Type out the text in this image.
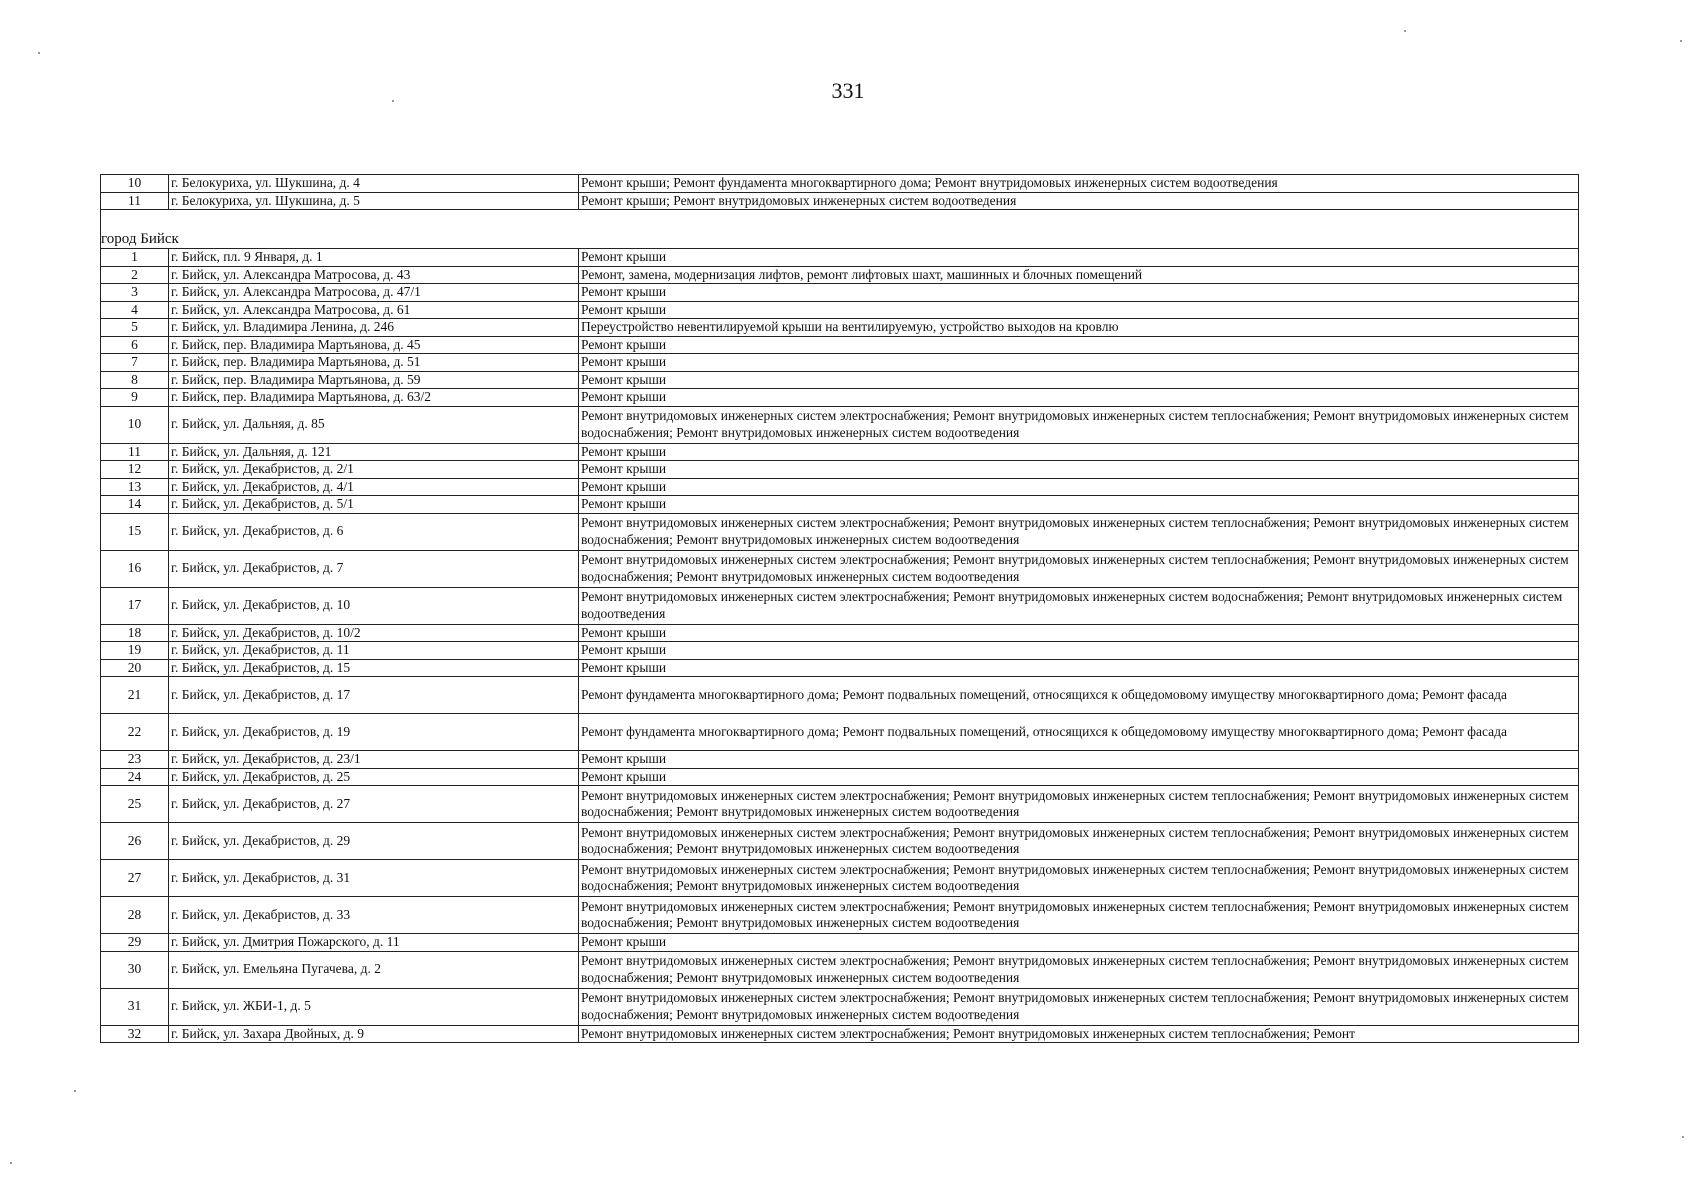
331
10	г. Белокуриха, ул. Шукшина, д. 4	Ремонт крыши; Ремонт фундамента многоквартирного дома; Ремонт внутридомовых инженерных систем водоотведения
11	г. Белокуриха, ул. Шукшина, д. 5	Ремонт крыши; Ремонт внутридомовых инженерных систем водоотведения

город Бийск		
1	г. Бийск, пл. 9 Января, д. 1	Ремонт крыши
2	г. Бийск, ул. Александра Матросова, д. 43	Ремонт, замена, модернизация лифтов, ремонт лифтовых шахт, машинных и блочных помещений
3	г. Бийск, ул. Александра Матросова, д. 47/1	Ремонт крыши
4	г. Бийск, ул. Александра Матросова, д. 61	Ремонт крыши
5	г. Бийск, ул. Владимира Ленина, д. 246	Переустройство невентилируемой крыши на вентилируемую, устройство выходов на кровлю
6	г. Бийск, пер. Владимира Мартьянова, д. 45	Ремонт крыши
7	г. Бийск, пер. Владимира Мартьянова, д. 51	Ремонт крыши
8	г. Бийск, пер. Владимира Мартьянова, д. 59	Ремонт крыши
9	г. Бийск, пер. Владимира Мартьянова, д. 63/2	Ремонт крыши
10	г. Бийск, ул. Дальняя, д. 85	Ремонт внутридомовых инженерных систем электроснабжения; Ремонт внутридомовых инженерных систем теплоснабжения; Ремонт внутридомовых инженерных систем водоснабжения; Ремонт внутридомовых инженерных систем водоотведения
11	г. Бийск, ул. Дальняя, д. 121	Ремонт крыши
12	г. Бийск, ул. Декабристов, д. 2/1	Ремонт крыши
13	г. Бийск, ул. Декабристов, д. 4/1	Ремонт крыши
14	г. Бийск, ул. Декабристов, д. 5/1	Ремонт крыши
15	г. Бийск, ул. Декабристов, д. 6	Ремонт внутридомовых инженерных систем электроснабжения; Ремонт внутридомовых инженерных систем теплоснабжения; Ремонт внутридомовых инженерных систем водоснабжения; Ремонт внутридомовых инженерных систем водоотведения
16	г. Бийск, ул. Декабристов, д. 7	Ремонт внутридомовых инженерных систем электроснабжения; Ремонт внутридомовых инженерных систем теплоснабжения; Ремонт внутридомовых инженерных систем водоснабжения; Ремонт внутридомовых инженерных систем водоотведения
17	г. Бийск, ул. Декабристов, д. 10	Ремонт внутридомовых инженерных систем электроснабжения; Ремонт внутридомовых инженерных систем водоснабжения; Ремонт внутридомовых инженерных систем водоотведения
18	г. Бийск, ул. Декабристов, д. 10/2	Ремонт крыши
19	г. Бийск, ул. Декабристов, д. 11	Ремонт крыши
20	г. Бийск, ул. Декабристов, д. 15	Ремонт крыши
21	г. Бийск, ул. Декабристов, д. 17	Ремонт фундамента многоквартирного дома; Ремонт подвальных помещений, относящихся к общедомовому имуществу многоквартирного дома; Ремонт фасада
22	г. Бийск, ул. Декабристов, д. 19	Ремонт фундамента многоквартирного дома; Ремонт подвальных помещений, относящихся к общедомовому имуществу многоквартирного дома; Ремонт фасада
23	г. Бийск, ул. Декабристов, д. 23/1	Ремонт крыши
24	г. Бийск, ул. Декабристов, д. 25	Ремонт крыши
25	г. Бийск, ул. Декабристов, д. 27	Ремонт внутридомовых инженерных систем электроснабжения; Ремонт внутридомовых инженерных систем теплоснабжения; Ремонт внутридомовых инженерных систем водоснабжения; Ремонт внутридомовых инженерных систем водоотведения
26	г. Бийск, ул. Декабристов, д. 29	Ремонт внутридомовых инженерных систем электроснабжения; Ремонт внутридомовых инженерных систем теплоснабжения; Ремонт внутридомовых инженерных систем водоснабжения; Ремонт внутридомовых инженерных систем водоотведения
27	г. Бийск, ул. Декабристов, д. 31	Ремонт внутридомовых инженерных систем электроснабжения; Ремонт внутридомовых инженерных систем теплоснабжения; Ремонт внутридомовых инженерных систем водоснабжения; Ремонт внутридомовых инженерных систем водоотведения
28	г. Бийск, ул. Декабристов, д. 33	Ремонт внутридомовых инженерных систем электроснабжения; Ремонт внутридомовых инженерных систем теплоснабжения; Ремонт внутридомовых инженерных систем водоснабжения; Ремонт внутридомовых инженерных систем водоотведения
29	г. Бийск, ул. Дмитрия Пожарского, д. 11	Ремонт крыши
30	г. Бийск, ул. Емельяна Пугачева, д. 2	Ремонт внутридомовых инженерных систем электроснабжения; Ремонт внутридомовых инженерных систем теплоснабжения; Ремонт внутридомовых инженерных систем водоснабжения; Ремонт внутридомовых инженерных систем водоотведения
31	г. Бийск, ул. ЖБИ-1, д. 5	Ремонт внутридомовых инженерных систем электроснабжения; Ремонт внутридомовых инженерных систем теплоснабжения; Ремонт внутридомовых инженерных систем водоснабжения; Ремонт внутридомовых инженерных систем водоотведения
32	г. Бийск, ул. Захара Двойных, д. 9	Ремонт внутридомовых инженерных систем электроснабжения; Ремонт внутридомовых инженерных систем теплоснабжения; Ремонт
